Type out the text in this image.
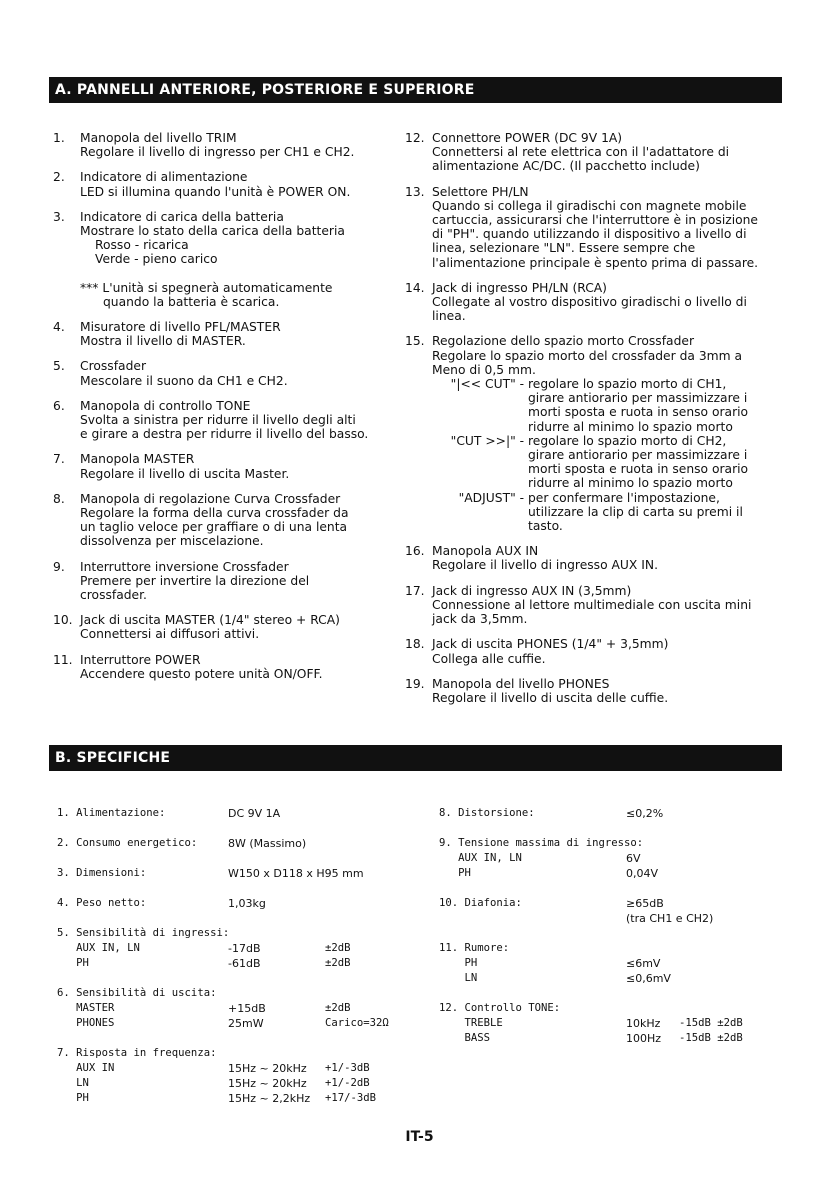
A. PANNELLI ANTERIORE, POSTERIORE E SUPERIORE
1. Manopola del livello TRIM
Regolare il livello di ingresso per CH1 e CH2.
2. Indicatore di alimentazione
LED si illumina quando l'unità è POWER ON.
3. Indicatore di carica della batteria
Mostrare lo stato della carica della batteria
Rosso - ricarica
Verde - pieno carico
*** L'unità si spegnerà automaticamente
quando la batteria è scarica.
4. Misuratore di livello PFL/MASTER
Mostra il livello di MASTER.
5. Crossfader
Mescolare il suono da CH1 e CH2.
6. Manopola di controllo TONE
Svolta a sinistra per ridurre il livello degli alti
e girare a destra per ridurre il livello del basso.
7. Manopola MASTER
Regolare il livello di uscita Master.
8. Manopola di regolazione Curva Crossfader
Regolare la forma della curva crossfader da
un taglio veloce per graffiare o di una lenta
dissolvenza per miscelazione.
9. Interruttore inversione Crossfader
Premere per invertire la direzione del
crossfader.
10. Jack di uscita MASTER (1/4" stereo + RCA)
Connettersi ai diffusori attivi.
11. Interruttore POWER
Accendere questo potere unità ON/OFF.
12. Connettore POWER (DC 9V 1A)
Connettersi al rete elettrica con il l'adattatore di
alimentazione AC/DC. (Il pacchetto include)
13. Selettore PH/LN
Quando si collega il giradischi con magnete mobile
cartuccia, assicurarsi che l'interruttore è in posizione
di "PH". quando utilizzando il dispositivo a livello di
linea, selezionare "LN". Essere sempre che
l'alimentazione principale è spento prima di passare.
14. Jack di ingresso PH/LN (RCA)
Collegate al vostro dispositivo giradischi o livello di
linea.
15. Regolazione dello spazio morto Crossfader
Regolare lo spazio morto del crossfader da 3mm a
Meno di 0,5 mm.
"|<< CUT" - regolare lo spazio morto di CH1,
girare antiorario per massimizzare i
morti sposta e ruota in senso orario
ridurre al minimo lo spazio morto
"CUT >>|" - regolare lo spazio morto di CH2,
girare antiorario per massimizzare i
morti sposta e ruota in senso orario
ridurre al minimo lo spazio morto
"ADJUST" - per confermare l'impostazione,
utilizzare la clip di carta su premi il
tasto.
16. Manopola AUX IN
Regolare il livello di ingresso AUX IN.
17. Jack di ingresso AUX IN (3,5mm)
Connessione al lettore multimediale con uscita mini
jack da 3,5mm.
18. Jack di uscita PHONES (1/4" + 3,5mm)
Collega alle cuffie.
19. Manopola del livello PHONES
Regolare il livello di uscita delle cuffie.
B. SPECIFICHE
1. Alimentazione:	DC 9V 1A
2. Consumo energetico:	8W (Massimo)
3. Dimensioni:	W150 x D118 x H95 mm
4. Peso netto:	1,03kg
5. Sensibilità di ingressi:
AUX IN, LN	-17dB	±2dB
PH	-61dB	±2dB
6. Sensibilità di uscita:
MASTER	+15dB	±2dB
PHONES	25mW	Carico=32Ω
7. Risposta in frequenza:
AUX IN	15Hz ~ 20kHz +1/-3dB
LN	15Hz ~ 20kHz +1/-2dB
PH	15Hz ~ 2,2kHz +17/-3dB
8. Distorsione:	≤0,2%
9. Tensione massima di ingresso:
AUX IN, LN	6V
PH	0,04V
10. Diafonia:	≥65dB
(tra CH1 e CH2)
11. Rumore:
PH	≤6mV
LN	≤0,6mV
12. Controllo TONE:
TREBLE	10kHz -15dB ±2dB
BASS	100Hz -15dB ±2dB
IT-5
